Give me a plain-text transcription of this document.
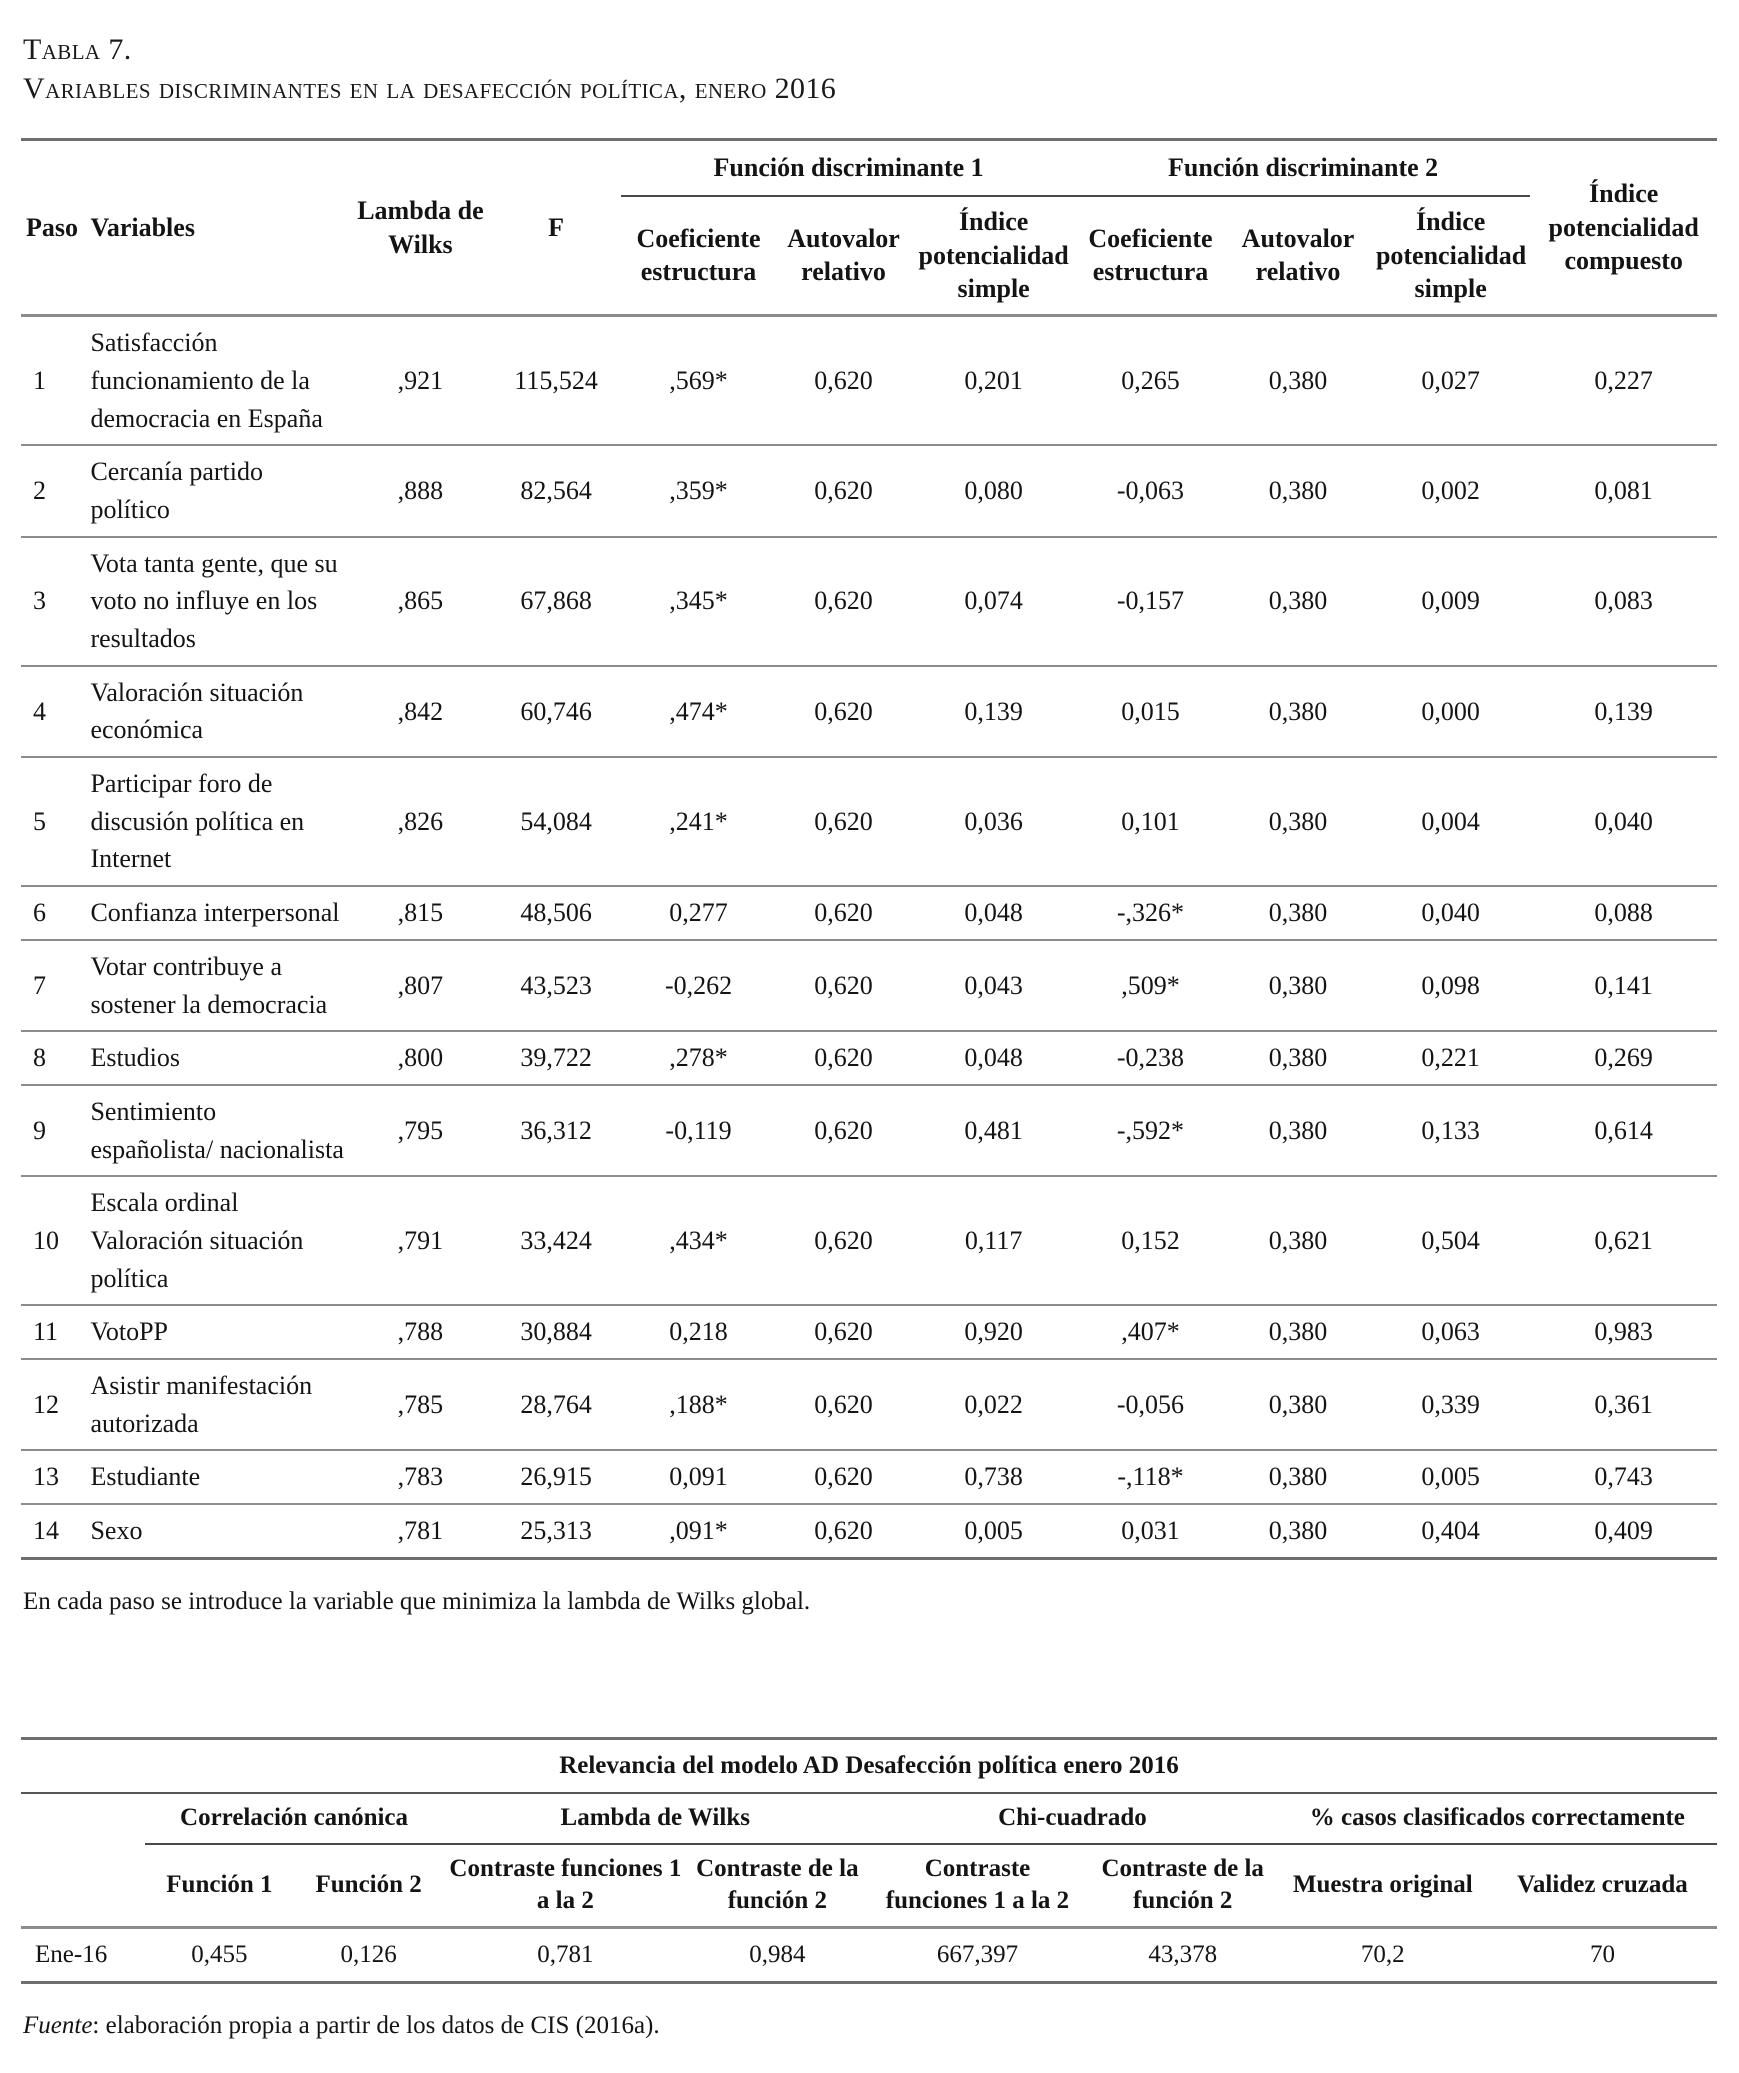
Tabla 7.
Variables discriminantes en la desafección política, enero 2016
Paso	Variables	Lambda de Wilks	F	Función discriminante 1			Función discriminante 2			Índice potencialidad compuesto
				Coeficiente estructura	Autovalor relativo	Índice potencialidad simple	Coeficiente estructura	Autovalor relativo	Índice potencialidad simple	
1	Satisfacción funcionamiento de la democracia en España	,921	115,524	,569*	0,620	0,201	0,265	0,380	0,027	0,227
2	Cercanía partido político	,888	82,564	,359*	0,620	0,080	-0,063	0,380	0,002	0,081
3	Vota tanta gente, que su voto no influye en los resultados	,865	67,868	,345*	0,620	0,074	-0,157	0,380	0,009	0,083
4	Valoración situación económica	,842	60,746	,474*	0,620	0,139	0,015	0,380	0,000	0,139
5	Participar foro de discusión política en Internet	,826	54,084	,241*	0,620	0,036	0,101	0,380	0,004	0,040
6	Confianza interpersonal	,815	48,506	0,277	0,620	0,048	-,326*	0,380	0,040	0,088
7	Votar contribuye a sostener la democracia	,807	43,523	-0,262	0,620	0,043	,509*	0,380	0,098	0,141
8	Estudios	,800	39,722	,278*	0,620	0,048	-0,238	0,380	0,221	0,269
9	Sentimiento españolista/ nacionalista	,795	36,312	-0,119	0,620	0,481	-,592*	0,380	0,133	0,614
10	Escala ordinal Valoración situación política	,791	33,424	,434*	0,620	0,117	0,152	0,380	0,504	0,621
11	VotoPP	,788	30,884	0,218	0,620	0,920	,407*	0,380	0,063	0,983
12	Asistir manifestación autorizada	,785	28,764	,188*	0,620	0,022	-0,056	0,380	0,339	0,361
13	Estudiante	,783	26,915	0,091	0,620	0,738	-,118*	0,380	0,005	0,743
14	Sexo	,781	25,313	,091*	0,620	0,005	0,031	0,380	0,404	0,409

En cada paso se introduce la variable que minimiza la lambda de Wilks global.

Relevancia del modelo AD Desafección política enero 2016								
	Correlación canónica		Lambda de Wilks		Chi-cuadrado		% casos clasificados correctamente	
	Función 1	Función 2	Contraste funciones 1 a la 2	Contraste de la función 2	Contraste funciones 1 a la 2	Contraste de la función 2	Muestra original	Validez cruzada
Ene-16	0,455	0,126	0,781	0,984	667,397	43,378	70,2	70

Fuente: elaboración propia a partir de los datos de CIS (2016a).
